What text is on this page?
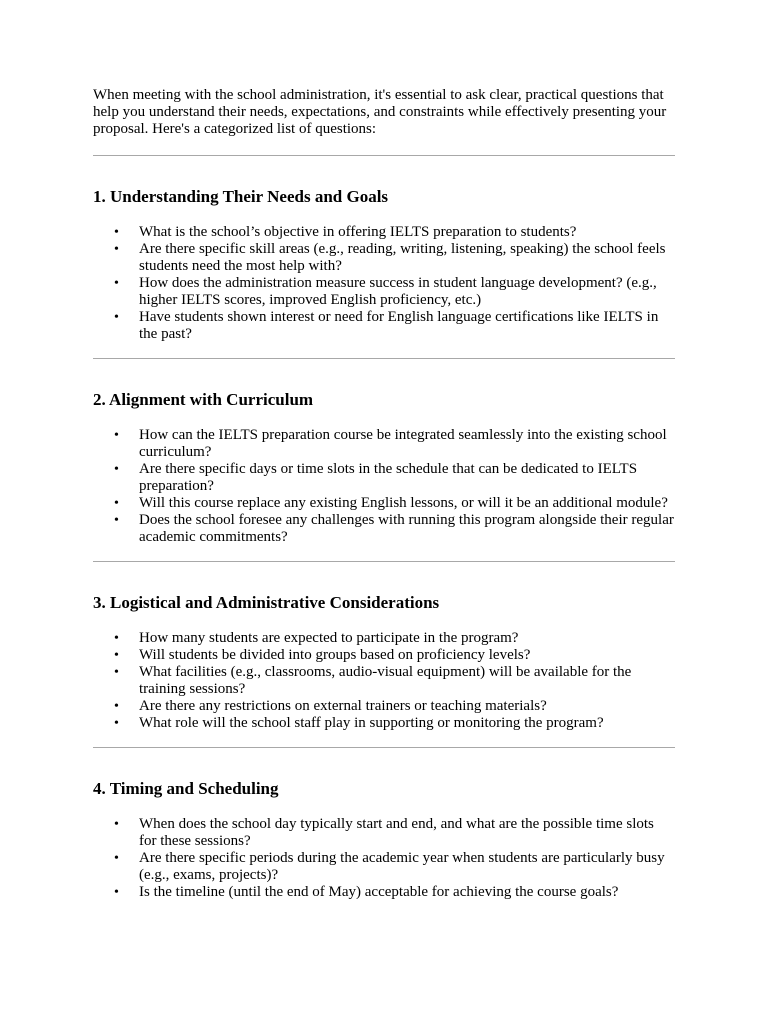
When meeting with the school administration, it's essential to ask clear, practical questions that help you understand their needs, expectations, and constraints while effectively presenting your proposal. Here's a categorized list of questions:

1. Understanding Their Needs and Goals
• What is the school’s objective in offering IELTS preparation to students?
• Are there specific skill areas (e.g., reading, writing, listening, speaking) the school feels students need the most help with?
• How does the administration measure success in student language development? (e.g., higher IELTS scores, improved English proficiency, etc.)
• Have students shown interest or need for English language certifications like IELTS in the past?
2. Alignment with Curriculum
• How can the IELTS preparation course be integrated seamlessly into the existing school curriculum?
• Are there specific days or time slots in the schedule that can be dedicated to IELTS preparation?
• Will this course replace any existing English lessons, or will it be an additional module?
• Does the school foresee any challenges with running this program alongside their regular academic commitments?
3. Logistical and Administrative Considerations
• How many students are expected to participate in the program?
• Will students be divided into groups based on proficiency levels?
• What facilities (e.g., classrooms, audio-visual equipment) will be available for the training sessions?
• Are there any restrictions on external trainers or teaching materials?
• What role will the school staff play in supporting or monitoring the program?
4. Timing and Scheduling
• When does the school day typically start and end, and what are the possible time slots for these sessions?
• Are there specific periods during the academic year when students are particularly busy (e.g., exams, projects)?
• Is the timeline (until the end of May) acceptable for achieving the course goals?
